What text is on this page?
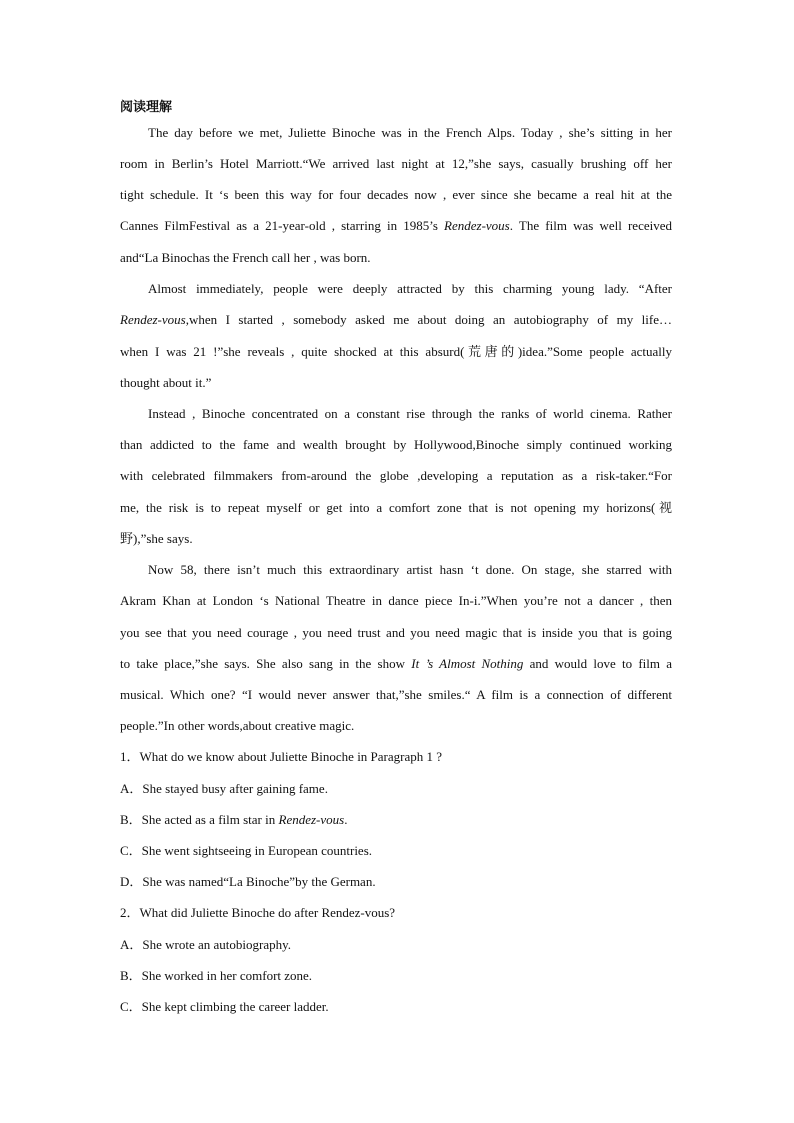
阅读理解
The day before we met, Juliette Binoche was in the French Alps. Today , she’s sitting in her
room in Berlin’s Hotel Marriott.“We arrived last night at 12,”she says, casually brushing off her
tight schedule. It ‘s been this way for four decades now , ever since she became a real hit at the
Cannes FilmFestival as a 21-year-old , starring in 1985’s Rendez-vous. The film was well received
and“La Binochas the French call her , was born.
Almost immediately, people were deeply attracted by this charming young lady. “After
Rendez-vous,when I started , somebody asked me about doing an autobiography of my life…
when I was 21 !”she reveals , quite shocked at this absurd(荒唐的)idea.”Some people actually
thought about it.”
Instead , Binoche concentrated on a constant rise through the ranks of world cinema. Rather
than addicted to the fame and wealth brought by Hollywood,Binoche simply continued working
with celebrated filmmakers from-around the globe ,developing a reputation as a risk-taker.“For
me, the risk is to repeat myself or get into a comfort zone that is not opening my horizons(视
野),”she says.
Now 58, there isn’t much this extraordinary artist hasn ‘t done. On stage, she starred with
Akram Khan at London ‘s National Theatre in dance piece In-i.”When you’re not a dancer , then
you see that you need courage , you need trust and you need magic that is inside you that is going
to take place,”she says. She also sang in the show It ’s Almost Nothing and would love to film a
musical. Which one? “I would never answer that,”she smiles.“ A film is a connection of different
people.”In other words,about creative magic.
1．What do we know about Juliette Binoche in Paragraph 1 ?
A．She stayed busy after gaining fame.
B．She acted as a film star in Rendez-vous.
C．She went sightseeing in European countries.
D．She was named“La Binoche”by the German.
2．What did Juliette Binoche do after Rendez-vous?
A．She wrote an autobiography.
B．She worked in her comfort zone.
C．She kept climbing the career ladder.
